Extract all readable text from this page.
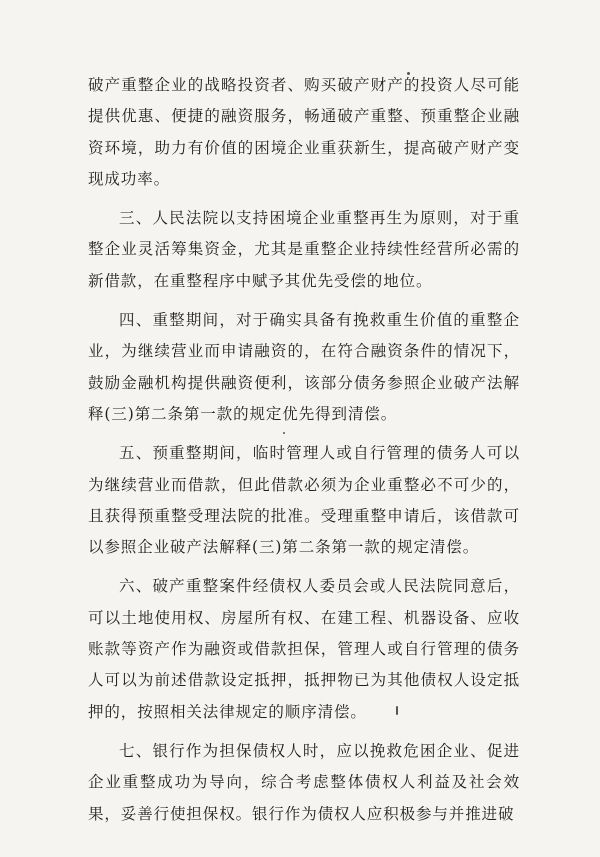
破产重整企业的战略投资者、购买破产财产的投资人尽可能提供优惠、便捷的融资服务，畅通破产重整、预重整企业融资环境，助力有价值的困境企业重获新生，提高破产财产变现成功率。

三、人民法院以支持困境企业重整再生为原则，对于重整企业灵活筹集资金，尤其是重整企业持续性经营所必需的新借款，在重整程序中赋予其优先受偿的地位。

四、重整期间，对于确实具备有挽救重生价值的重整企业，为继续营业而申请融资的，在符合融资条件的情况下，鼓励金融机构提供融资便利，该部分债务参照企业破产法解释(三)第二条第一款的规定优先得到清偿。

五、预重整期间，临时管理人或自行管理的债务人可以为继续营业而借款，但此借款必须为企业重整必不可少的，且获得预重整受理法院的批准。受理重整申请后，该借款可以参照企业破产法解释(三)第二条第一款的规定清偿。

六、破产重整案件经债权人委员会或人民法院同意后，可以土地使用权、房屋所有权、在建工程、机器设备、应收账款等资产作为融资或借款担保，管理人或自行管理的债务人可以为前述借款设定抵押，抵押物已为其他债权人设定抵押的，按照相关法律规定的顺序清偿。

七、银行作为担保债权人时，应以挽救危困企业、促进企业重整成功为导向，综合考虑整体债权人利益及社会效果，妥善行使担保权。银行作为债权人应积极参与并推进破
